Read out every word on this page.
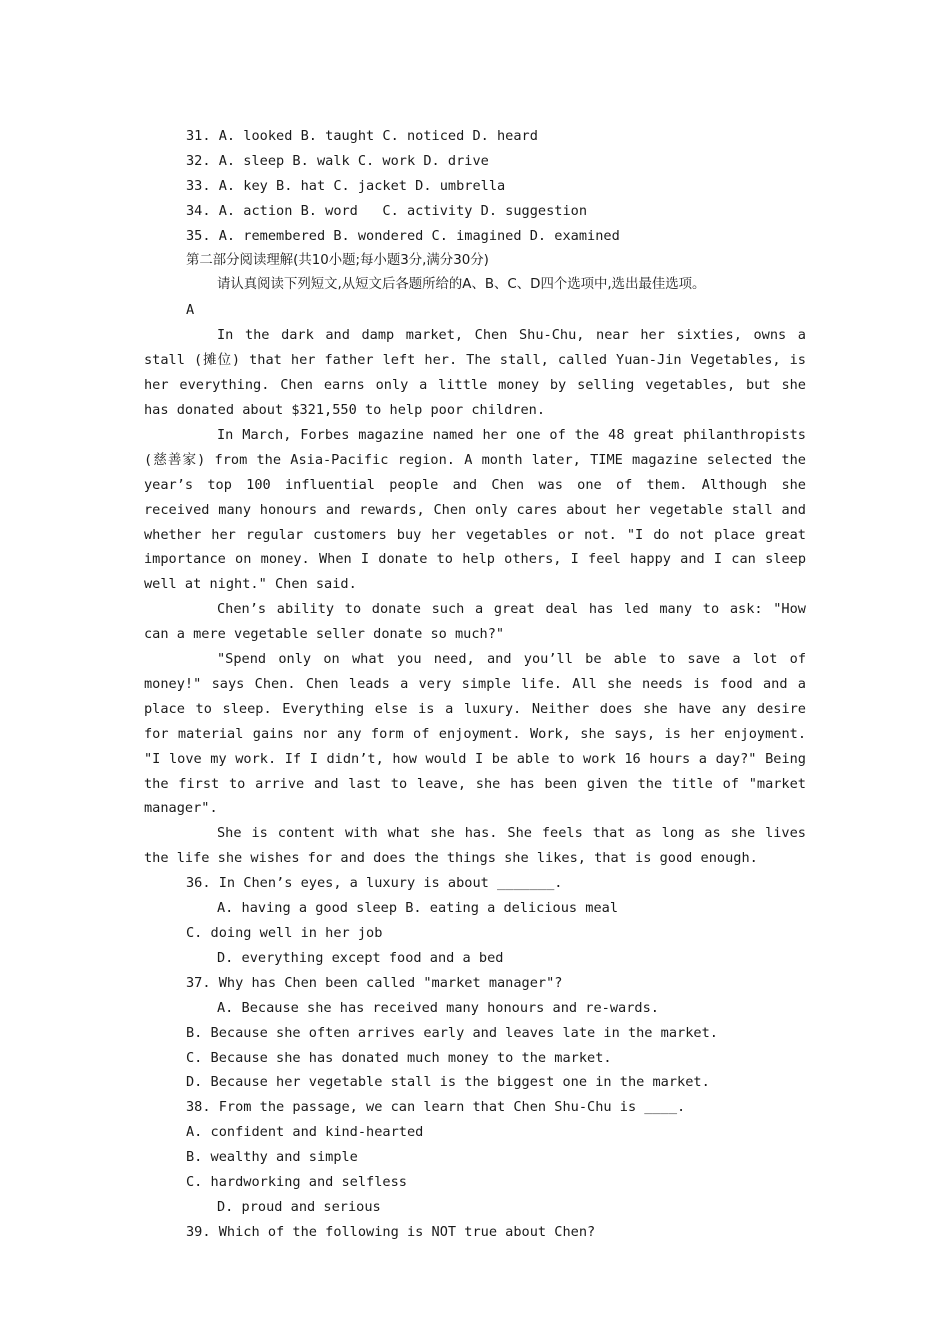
31. A. looked B. taught C. noticed D. heard
32. A. sleep B. walk C. work D. drive
33. A. key B. hat C. jacket D. umbrella
34. A. action B. word   C. activity D. suggestion
35. A. remembered B. wondered C. imagined D. examined
第二部分阅读理解(共10小题;每小题3分,满分30分)
请认真阅读下列短文,从短文后各题所给的A、B、C、D四个选项中,选出最佳选项。
A
In the dark and damp market, Chen Shu-Chu, near her sixties, owns a stall (摊位) that her father left her. The stall, called Yuan-Jin Vegetables, is her everything. Chen earns only a little money by selling vegetables, but she has donated about $321,550 to help poor children.
In March, Forbes magazine named her one of the 48 great philanthropists (慈善家) from the Asia-Pacific region. A month later, TIME magazine selected the year’s top 100 influential people and Chen was one of them. Although she received many honours and rewards, Chen only cares about her vegetable stall and whether her regular customers buy her vegetables or not. "I do not place great importance on money. When I donate to help others, I feel happy and I can sleep well at night." Chen said.
Chen’s ability to donate such a great deal has led many to ask: "How can a mere vegetable seller donate so much?"
"Spend only on what you need, and you’ll be able to save a lot of money!" says Chen. Chen leads a very simple life. All she needs is food and a place to sleep. Everything else is a luxury. Neither does she have any desire for material gains nor any form of enjoyment. Work, she says, is her enjoyment. "I love my work. If I didn’t, how would I be able to work 16 hours a day?" Being the first to arrive and last to leave, she has been given the title of "market manager".
She is content with what she has. She feels that as long as she lives the life she wishes for and does the things she likes, that is good enough.
36. In Chen’s eyes, a luxury is about _______.
A. having a good sleep B. eating a delicious meal
C. doing well in her job
D. everything except food and a bed
37. Why has Chen been called "market manager"?
A. Because she has received many honours and re-wards.
B. Because she often arrives early and leaves late in the market.
C. Because she has donated much money to the market.
D. Because her vegetable stall is the biggest one in the market.
38. From the passage, we can learn that Chen Shu-Chu is ____.
A. confident and kind-hearted
B. wealthy and simple
C. hardworking and selfless
D. proud and serious
39. Which of the following is NOT true about Chen?
